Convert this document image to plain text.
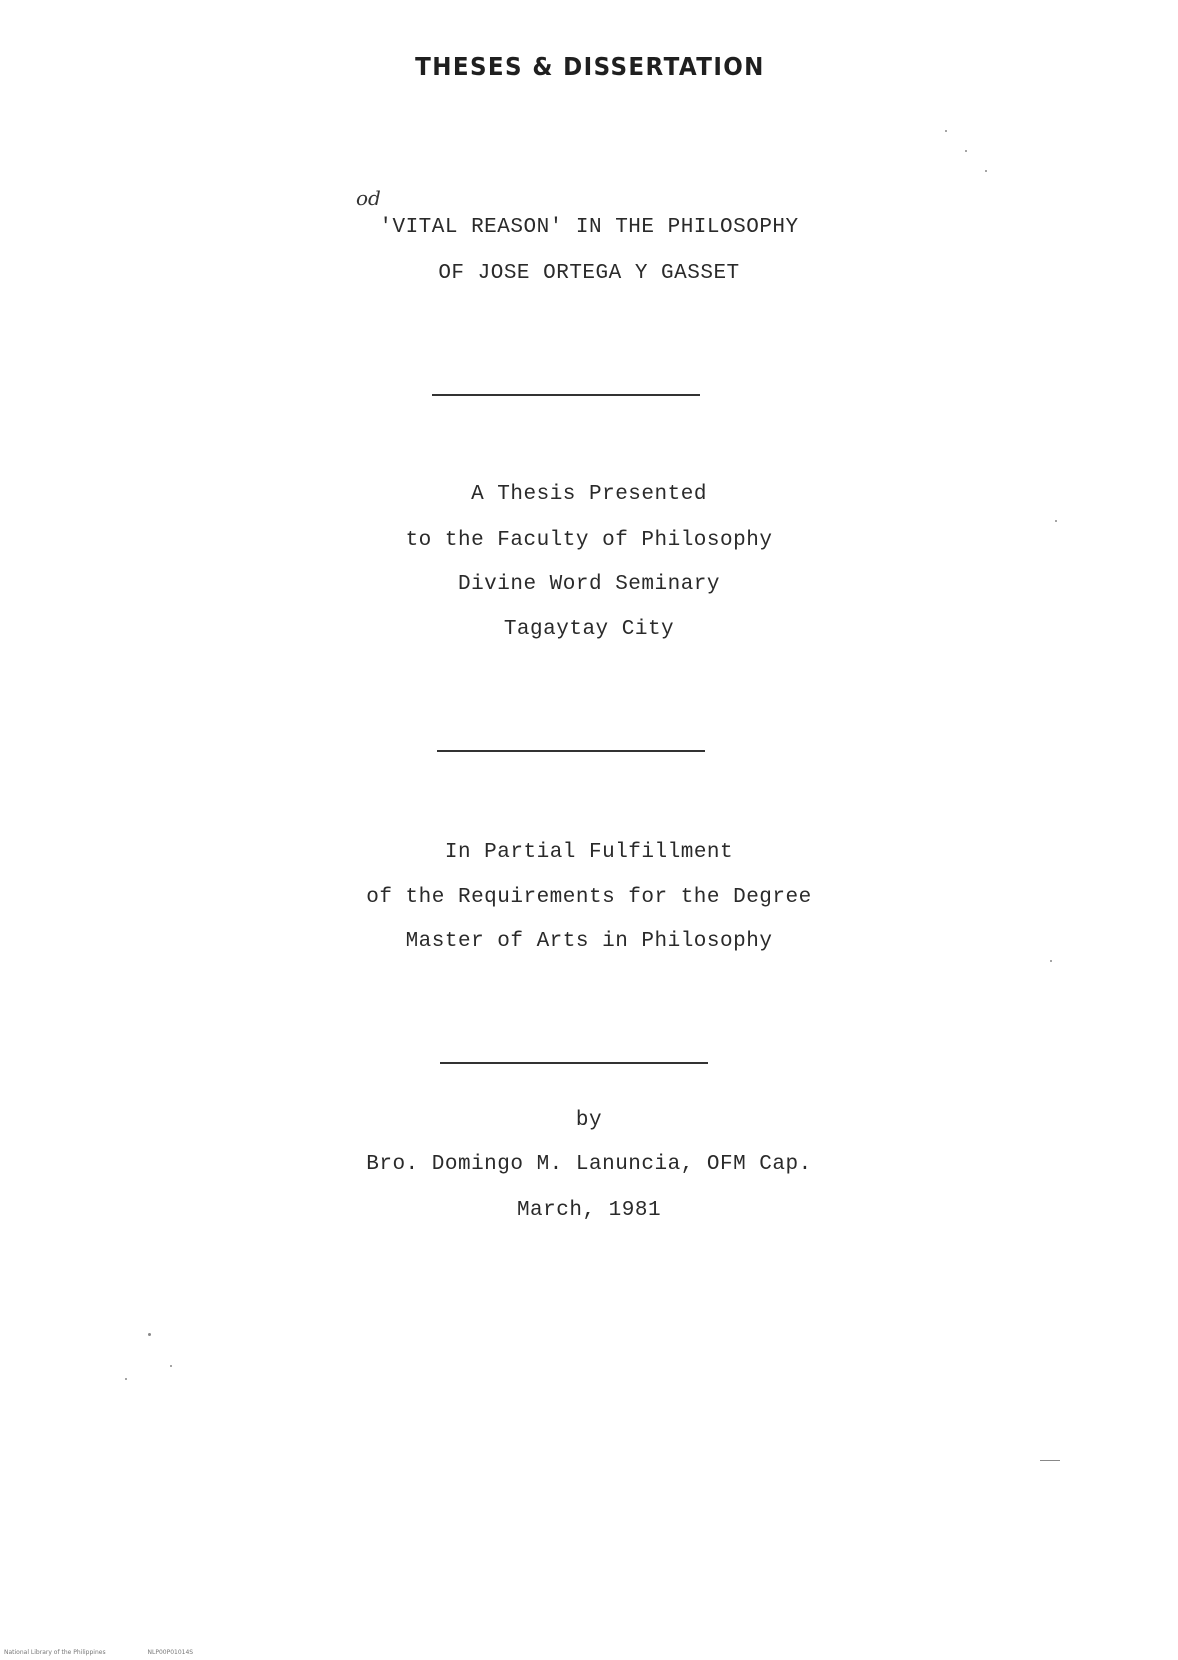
THESES & DISSERTATION
od
'VITAL REASON' IN THE PHILOSOPHY
OF JOSE ORTEGA Y GASSET
A Thesis Presented
to the Faculty of Philosophy
Divine Word Seminary
Tagaytay City
In Partial Fulfillment
of the Requirements for the Degree
Master of Arts in Philosophy
by
Bro. Domingo M. Lanuncia, OFM Cap.
March, 1981
National Library of the Philippines	NLP00P01014S
